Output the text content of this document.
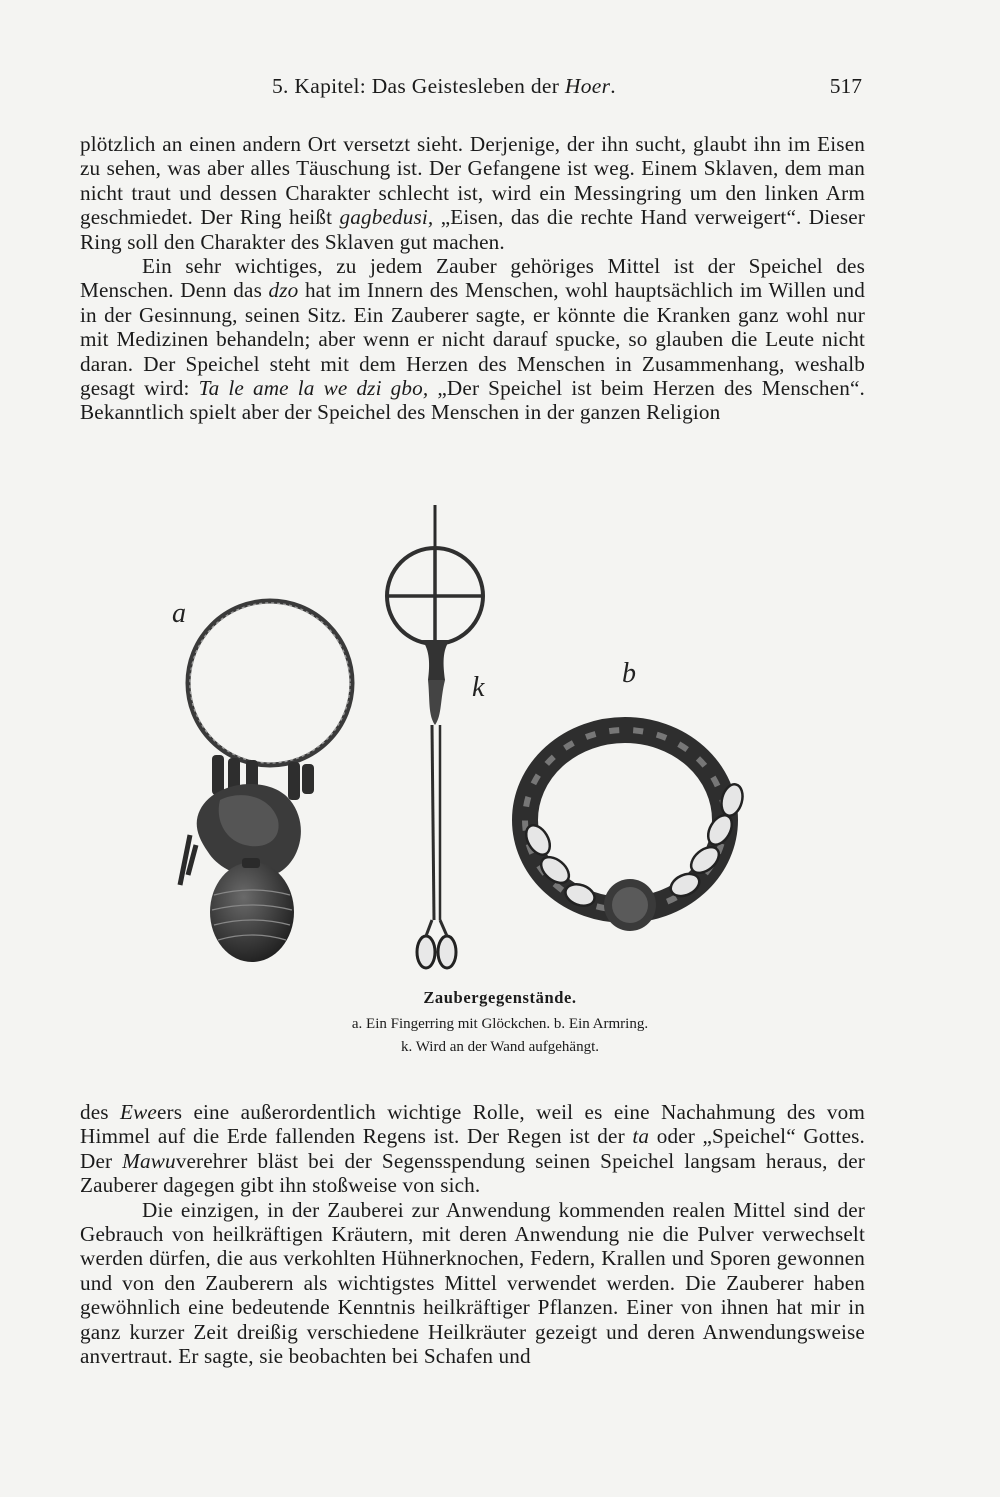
5. Kapitel: Das Geistesleben der Hoer.	517

plötzlich an einen andern Ort versetzt sieht. Derjenige, der ihn sucht, glaubt ihn im Eisen zu sehen, was aber alles Täuschung ist. Der Gefangene ist weg. Einem Sklaven, dem man nicht traut und dessen Charakter schlecht ist, wird ein Messingring um den linken Arm geschmiedet. Der Ring heißt gagbedusi, „Eisen, das die rechte Hand verweigert“. Dieser Ring soll den Charakter des Sklaven gut machen.

Ein sehr wichtiges, zu jedem Zauber gehöriges Mittel ist der Speichel des Menschen. Denn das dzo hat im Innern des Menschen, wohl hauptsächlich im Willen und in der Gesinnung, seinen Sitz. Ein Zauberer sagte, er könnte die Kranken ganz wohl nur mit Medizinen behandeln; aber wenn er nicht darauf spucke, so glauben die Leute nicht daran. Der Speichel steht mit dem Herzen des Menschen in Zusammenhang, weshalb gesagt wird: Ta le ame la we dzi gbo, „Der Speichel ist beim Herzen des Menschen“. Bekanntlich spielt aber der Speichel des Menschen in der ganzen Religion

a
k	b
Zaubergegenstände.
a. Ein Fingerring mit Glöckchen. b. Ein Armring.
k. Wird an der Wand aufgehängt.

des Eweers eine außerordentlich wichtige Rolle, weil es eine Nachahmung des vom Himmel auf die Erde fallenden Regens ist. Der Regen ist der ta oder „Speichel“ Gottes. Der Mawuverehrer bläst bei der Segensspendung seinen Speichel langsam heraus, der Zauberer dagegen gibt ihn stoßweise von sich.

Die einzigen, in der Zauberei zur Anwendung kommenden realen Mittel sind der Gebrauch von heilkräftigen Kräutern, mit deren Anwendung nie die Pulver verwechselt werden dürfen, die aus verkohlten Hühnerknochen, Federn, Krallen und Sporen gewonnen und von den Zauberern als wichtigstes Mittel verwendet werden. Die Zauberer haben gewöhnlich eine bedeutende Kenntnis heilkräftiger Pflanzen. Einer von ihnen hat mir in ganz kurzer Zeit dreißig verschiedene Heilkräuter gezeigt und deren Anwendungsweise anvertraut. Er sagte, sie beobachten bei Schafen und
